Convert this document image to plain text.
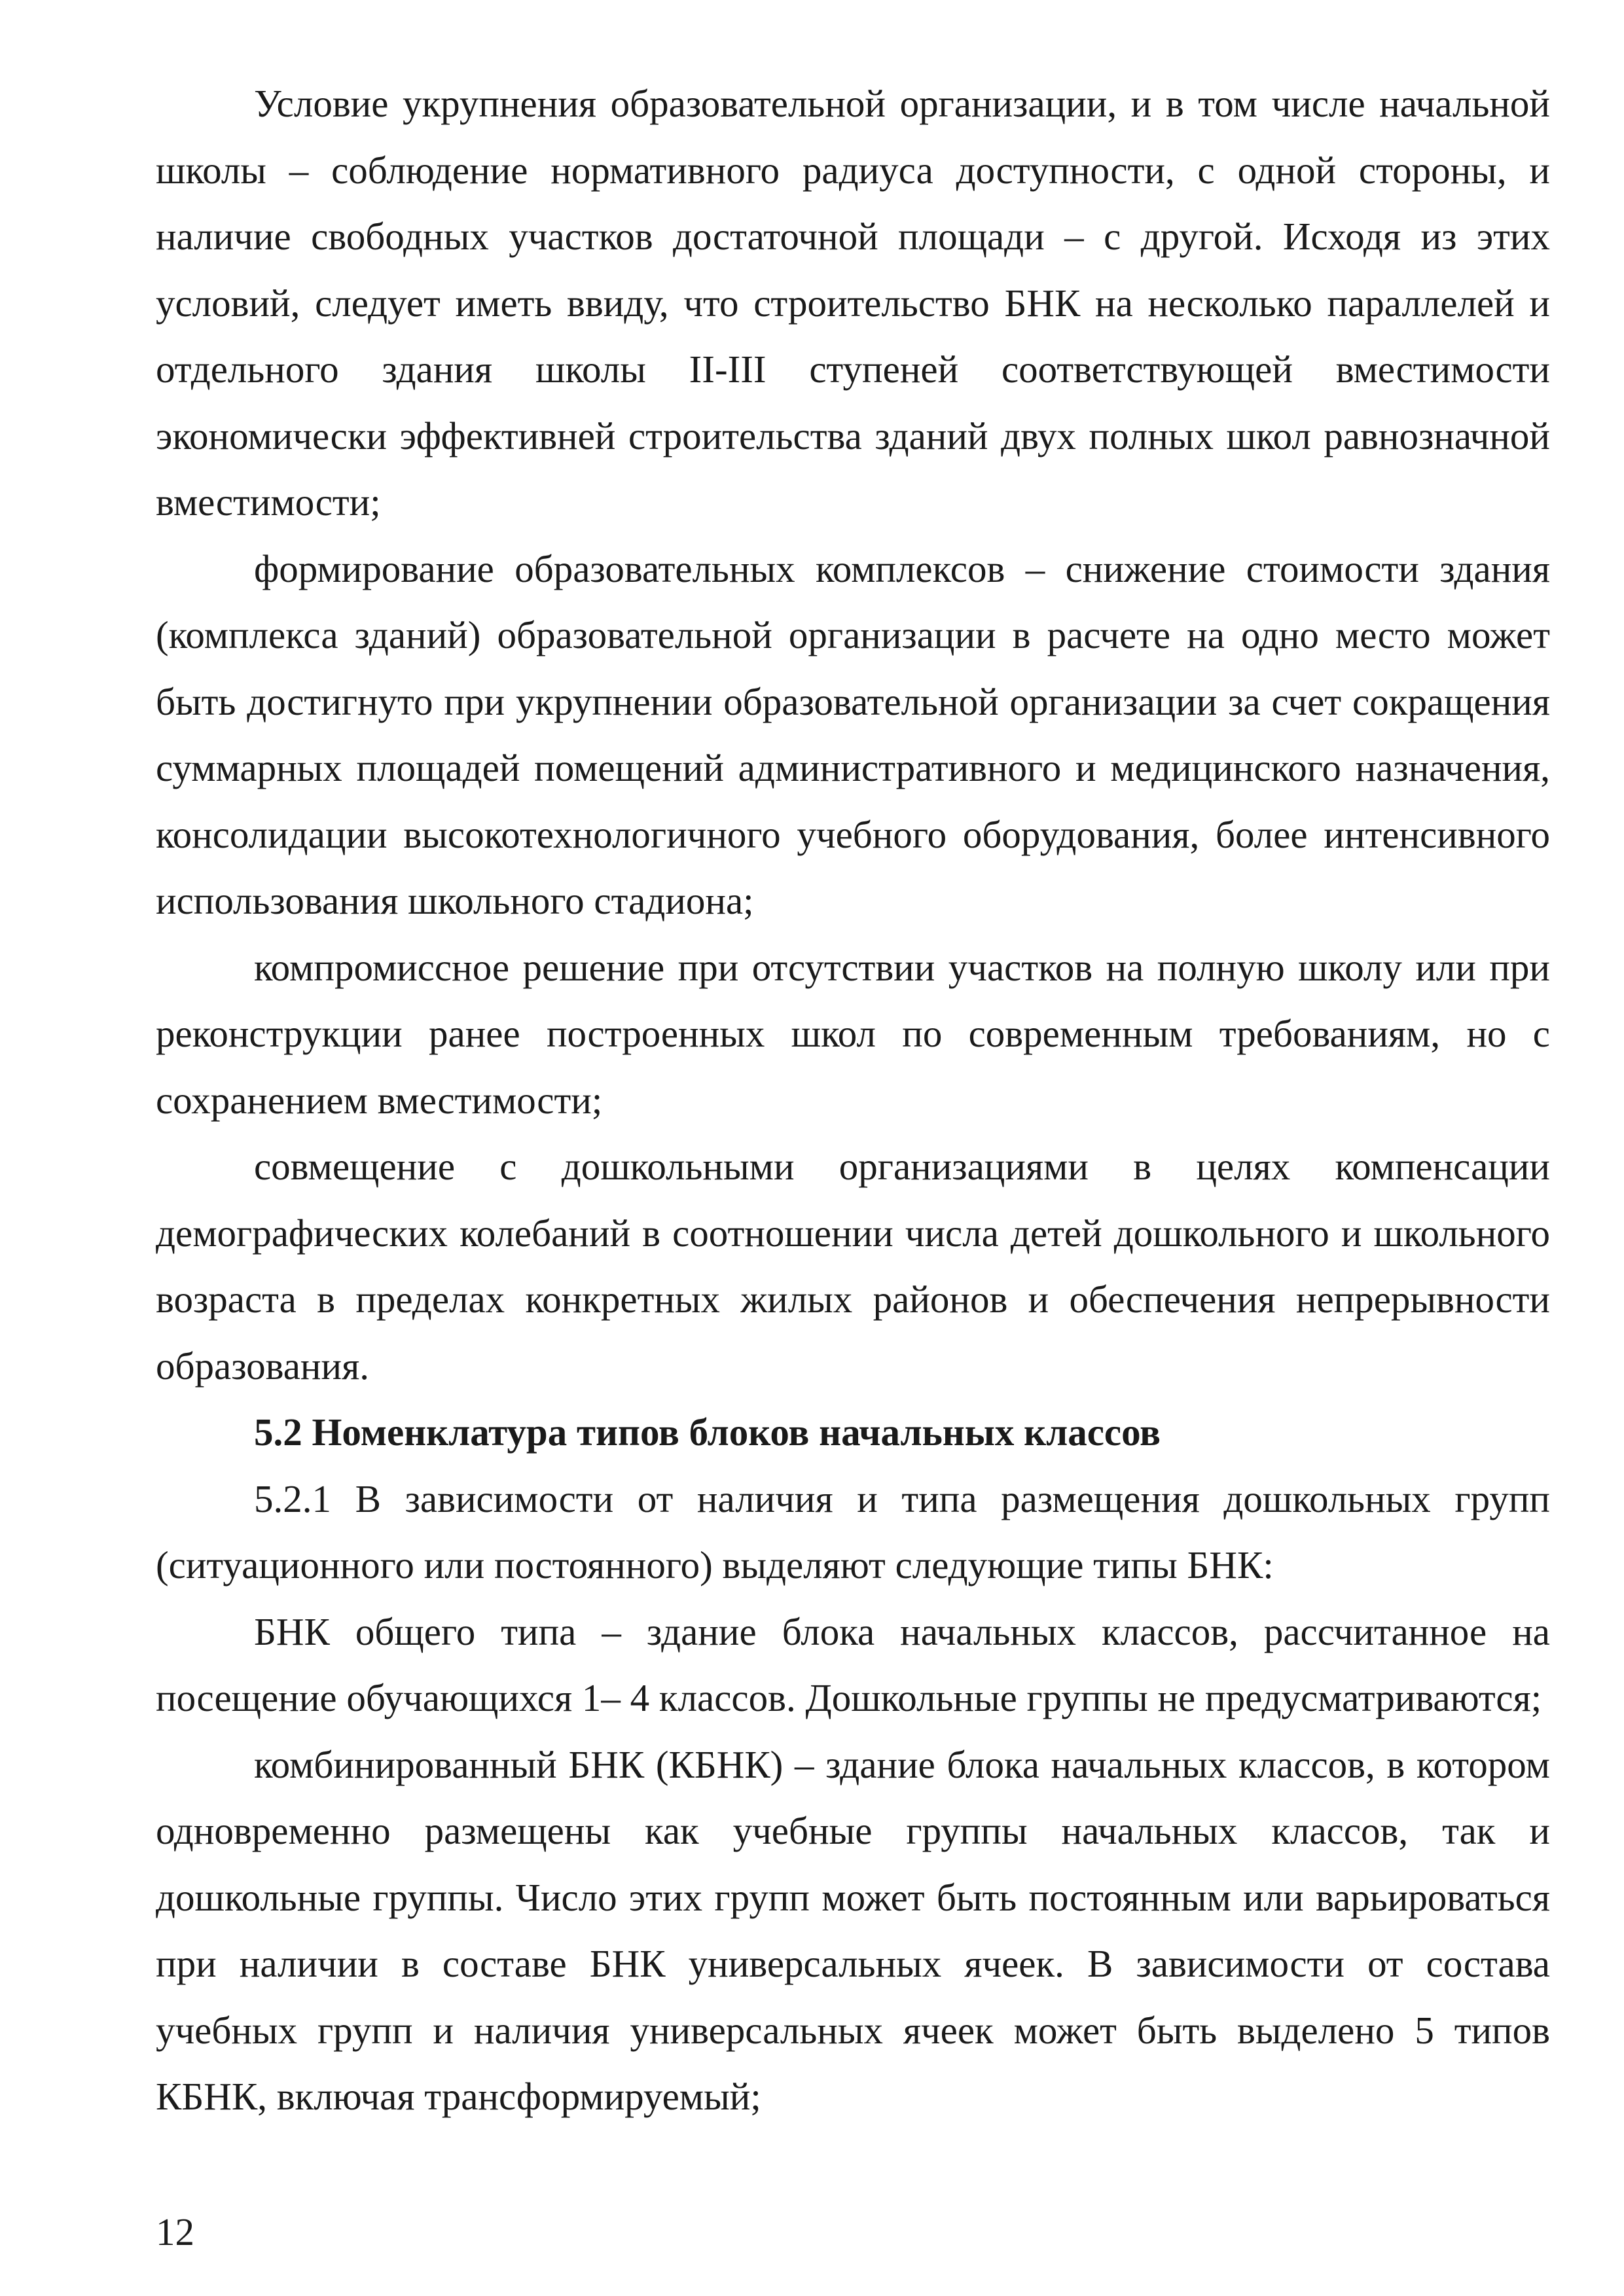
Условие укрупнения образовательной организации, и в том числе начальной школы – соблюдение нормативного радиуса доступности, с одной стороны, и наличие свободных участков достаточной площади – с другой. Исходя из этих условий, следует иметь ввиду, что строительство БНК на несколько параллелей и отдельного здания школы II-III ступеней соответствующей вместимости экономически эффективней строительства зданий двух полных школ равнозначной вместимости;

формирование образовательных комплексов – снижение стоимости здания (комплекса зданий) образовательной организации в расчете на одно место может быть достигнуто при укрупнении образовательной организации за счет сокращения суммарных площадей помещений административного и медицинского назначения, консолидации высокотехнологичного учебного оборудования, более интенсивного использования школьного стадиона;

компромиссное решение при отсутствии участков на полную школу или при реконструкции ранее построенных школ по современным требованиям, но с сохранением вместимости;

совмещение с дошкольными организациями в целях компенсации демографических колебаний в соотношении числа детей дошкольного и школьного возраста в пределах конкретных жилых районов и обеспечения непрерывности образования.

5.2 Номенклатура типов блоков начальных классов

5.2.1 В зависимости от наличия и типа размещения дошкольных групп (ситуационного или постоянного) выделяют следующие типы БНК:

БНК общего типа – здание блока начальных классов, рассчитанное на посещение обучающихся 1– 4 классов. Дошкольные группы не предусматриваются;

комбинированный БНК (КБНК) – здание блока начальных классов, в котором одновременно размещены как учебные группы начальных классов, так и дошкольные группы. Число этих групп может быть постоянным или варьироваться при наличии в составе БНК универсальных ячеек. В зависимости от состава учебных групп и наличия универсальных ячеек может быть выделено 5 типов КБНК, включая трансформируемый;

12
